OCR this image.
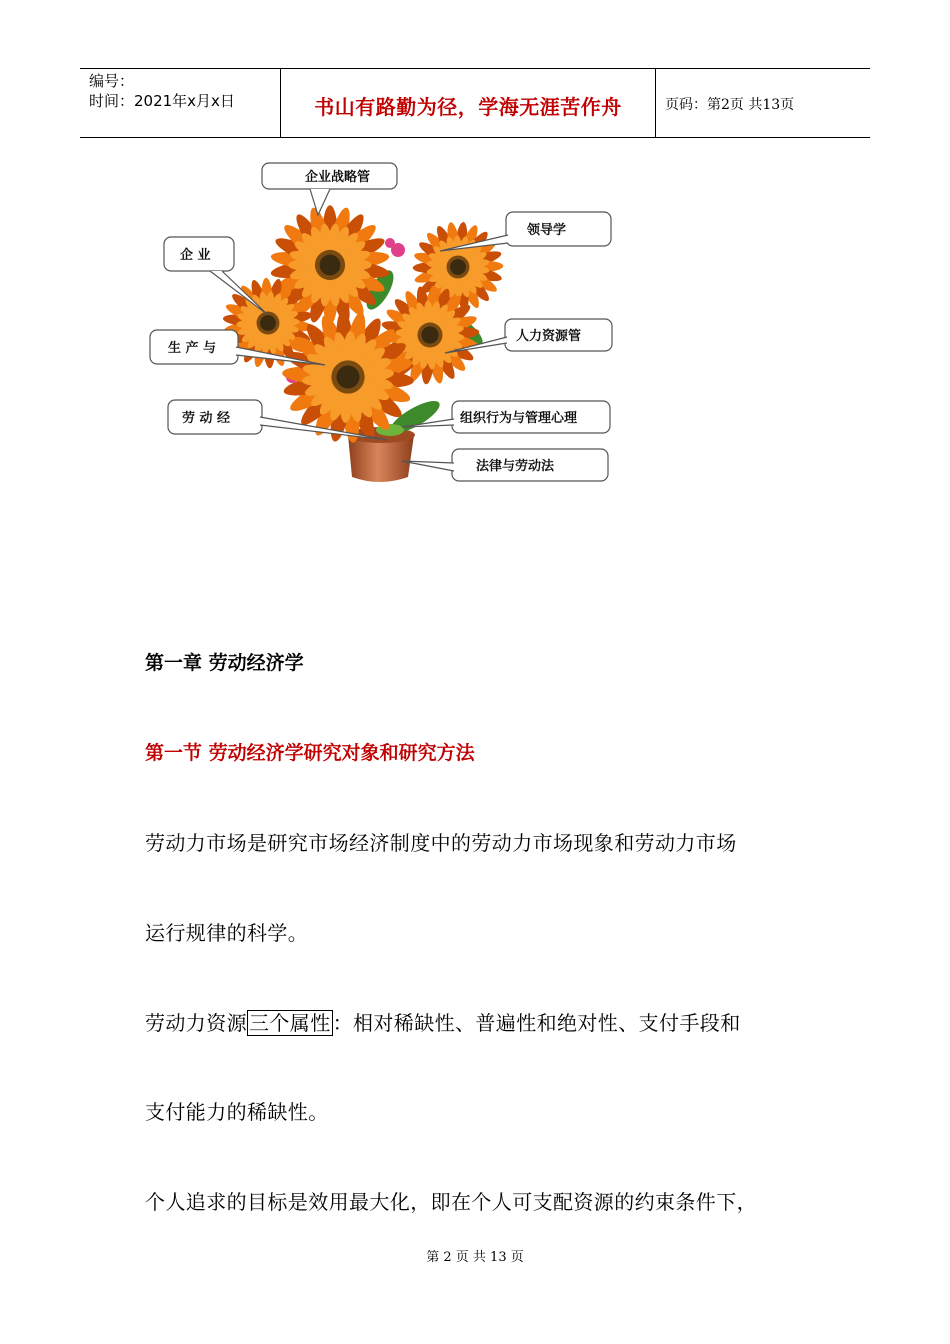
编号：
时间：2021年x月x日	书山有路勤为径，学海无涯苦作舟	页码：第2页 共13页
企业战略管
领导学
企 业
人力资源管
生 产 与
劳 动 经	组织行为与管理心理
法律与劳动法
第一章 劳动经济学
第一节 劳动经济学研究对象和研究方法
劳动力市场是研究市场经济制度中的劳动力市场现象和劳动力市场
运行规律的科学。
劳动力资源 三个属性 ：相对稀缺性、普遍性和绝对性、支付手段和
支付能力的稀缺性。
个人追求的目标是效用最大化，即在个人可支配资源的约束条件下，
第 2 页 共 13 页
